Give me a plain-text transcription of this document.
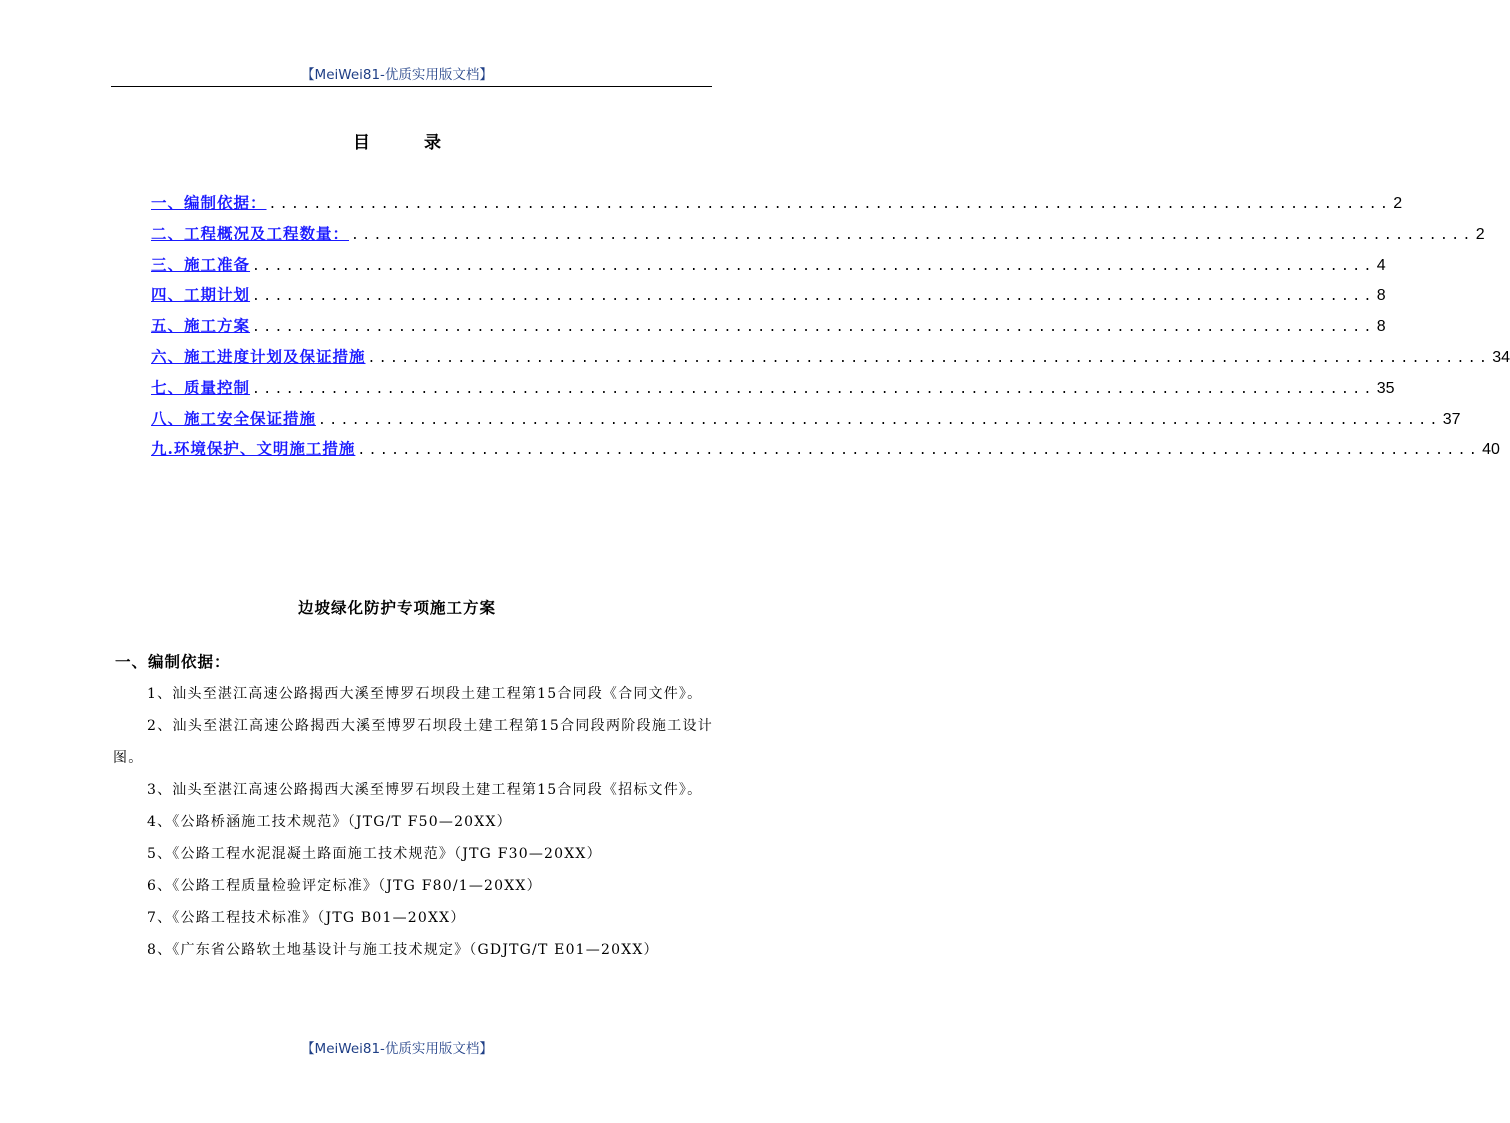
【MeiWei81-优质实用版文档】
目 录
一、编制依据： .................................................................................................... 2
二、工程概况及工程数量： .................................................................................................... 2
三、施工准备 .................................................................................................... 4
四、工期计划 .................................................................................................... 8
五、施工方案 .................................................................................................... 8
六、施工进度计划及保证措施 .................................................................................................... 34
七、质量控制 .................................................................................................... 35
八、施工安全保证措施 .................................................................................................... 37
九.环境保护、文明施工措施 .................................................................................................... 40
边坡绿化防护专项施工方案
一、编制依据：

1、汕头至湛江高速公路揭西大溪至博罗石坝段土建工程第15合同段《合同文件》。

2、汕头至湛江高速公路揭西大溪至博罗石坝段土建工程第15合同段两阶段施工设计图。

3、汕头至湛江高速公路揭西大溪至博罗石坝段土建工程第15合同段《招标文件》。

4、《公路桥涵施工技术规范》（JTG/T F50—20XX）

5、《公路工程水泥混凝土路面施工技术规范》（JTG F30—20XX）

6、《公路工程质量检验评定标准》（JTG F80/1—20XX）

7、《公路工程技术标准》（JTG B01—20XX）

8、《广东省公路软土地基设计与施工技术规定》（GDJTG/T E01—20XX）

【MeiWei81-优质实用版文档】
